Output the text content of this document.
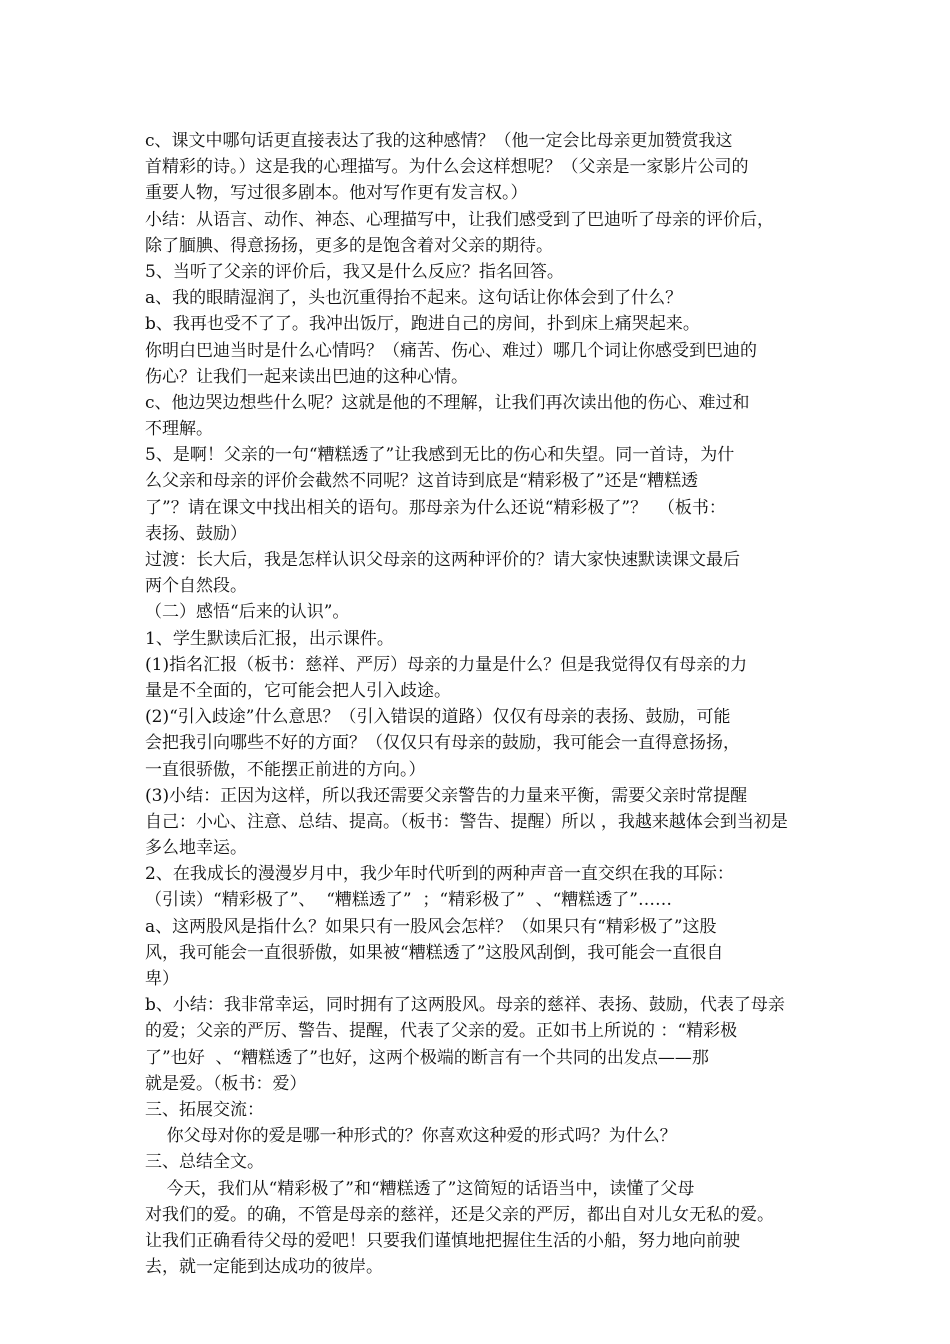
c、课文中哪句话更直接表达了我的这种感情？（他一定会比母亲更加赞赏我这
首精彩的诗。）这是我的心理描写。为什么会这样想呢？（父亲是一家影片公司的
重要人物，写过很多剧本。他对写作更有发言权。）
小结：从语言、动作、神态、心理描写中，让我们感受到了巴迪听了母亲的评价后，
除了腼腆、得意扬扬，更多的是饱含着对父亲的期待。
5、当听了父亲的评价后，我又是什么反应？指名回答。
a、我的眼睛湿润了，头也沉重得抬不起来。这句话让你体会到了什么？
b、我再也受不了了。我冲出饭厅，跑进自己的房间，扑到床上痛哭起来。
你明白巴迪当时是什么心情吗？（痛苦、伤心、难过）哪几个词让你感受到巴迪的
伤心？让我们一起来读出巴迪的这种心情。
c、他边哭边想些什么呢？这就是他的不理解，让我们再次读出他的伤心、难过和
不理解。
5、是啊！父亲的一句“糟糕透了”让我感到无比的伤心和失望。同一首诗，为什
么父亲和母亲的评价会截然不同呢？这首诗到底是“精彩极了”还是“糟糕透
了”？请在课文中找出相关的语句。那母亲为什么还说“精彩极了”？  （板书：
表扬、鼓励）
过渡：长大后，我是怎样认识父母亲的这两种评价的？请大家快速默读课文最后
两个自然段。
（二）感悟“后来的认识”。
1、学生默读后汇报，出示课件。
(1)指名汇报（板书：慈祥、严厉）母亲的力量是什么？但是我觉得仅有母亲的力
量是不全面的，它可能会把人引入歧途。
(2)“引入歧途”什么意思？（引入错误的道路）仅仅有母亲的表扬、鼓励，可能
会把我引向哪些不好的方面？（仅仅只有母亲的鼓励，我可能会一直得意扬扬，
一直很骄傲，不能摆正前进的方向。）
(3)小结：正因为这样，所以我还需要父亲警告的力量来平衡，需要父亲时常提醒
自己：小心、注意、总结、提高。（板书：警告、提醒）所以 ，我越来越体会到当初是
多么地幸运。
2、在我成长的漫漫岁月中，我少年时代听到的两种声音一直交织在我的耳际：
（引读）“精彩极了”、  “糟糕透了”  ；“精彩极了”  、“糟糕透了”……
a、这两股风是指什么？如果只有一股风会怎样？（如果只有“精彩极了”这股
风，我可能会一直很骄傲，如果被“糟糕透了”这股风刮倒，我可能会一直很自
卑）
b、小结：我非常幸运，同时拥有了这两股风。母亲的慈祥、表扬、鼓励，代表了母亲
的爱；父亲的严厉、警告、提醒，代表了父亲的爱。正如书上所说的 ：“精彩极
了”也好  、“糟糕透了”也好，这两个极端的断言有一个共同的出发点——那
就是爱。（板书：爱）
三、拓展交流：
你父母对你的爱是哪一种形式的？你喜欢这种爱的形式吗？为什么？
三、总结全文。
今天，我们从“精彩极了”和“糟糕透了”这简短的话语当中，读懂了父母
对我们的爱。的确，不管是母亲的慈祥，还是父亲的严厉，都出自对儿女无私的爱。
让我们正确看待父母的爱吧！只要我们谨慎地把握住生活的小船，努力地向前驶
去，就一定能到达成功的彼岸。
